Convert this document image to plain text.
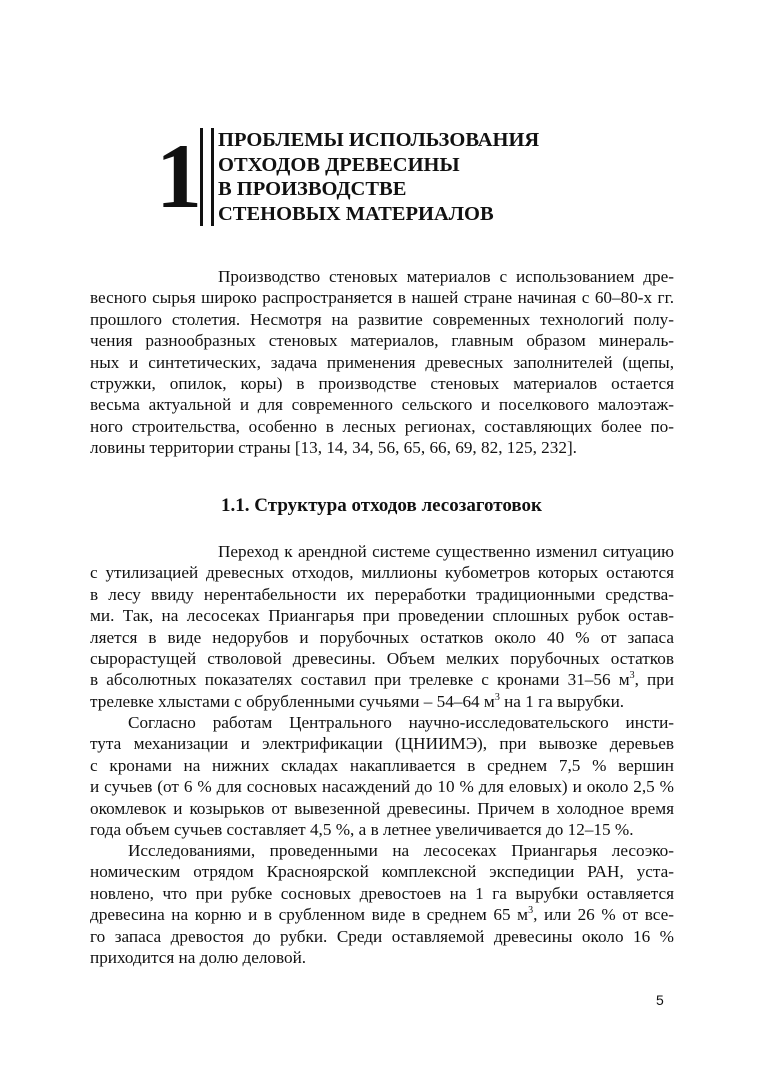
1 ПРОБЛЕМЫ ИСПОЛЬЗОВАНИЯ
ОТХОДОВ ДРЕВЕСИНЫ
В ПРОИЗВОДСТВЕ
СТЕНОВЫХ МАТЕРИАЛОВ
Производство стеновых материалов с использованием дре-
весного сырья широко распространяется в нашей стране начиная с 60–80-х гг.
прошлого столетия. Несмотря на развитие современных технологий полу-
чения разнообразных стеновых материалов, главным образом минераль-
ных и синтетических, задача применения древесных заполнителей (щепы,
стружки, опилок, коры) в производстве стеновых материалов остается
весьма актуальной и для современного сельского и поселкового малоэтаж-
ного строительства, особенно в лесных регионах, составляющих более по-
ловины территории страны [13, 14, 34, 56, 65, 66, 69, 82, 125, 232].
1.1. Структура отходов лесозаготовок
Переход к арендной системе существенно изменил ситуацию
с утилизацией древесных отходов, миллионы кубометров которых остаются
в лесу ввиду нерентабельности их переработки традиционными средства-
ми. Так, на лесосеках Приангарья при проведении сплошных рубок остав-
ляется в виде недорубов и порубочных остатков около 40 % от запаса
сырорастущей стволовой древесины. Объем мелких порубочных остатков
в абсолютных показателях составил при трелевке с кронами 31–56 $м^3$, при
трелевке хлыстами с обрубленными сучьями – 54–64 $м^3$ на 1 га вырубки.
Согласно работам Центрального научно-исследовательского инсти-
тута механизации и электрификации (ЦНИИМЭ), при вывозке деревьев
с кронами на нижних складах накапливается в среднем 7,5 % вершин
и сучьев (от 6 % для сосновых насаждений до 10 % для еловых) и около 2,5 %
окомлевок и козырьков от вывезенной древесины. Причем в холодное время
года объем сучьев составляет 4,5 %, а в летнее увеличивается до 12–15 %.
Исследованиями, проведенными на лесосеках Приангарья лесоэко-
номическим отрядом Красноярской комплексной экспедиции РАН, уста-
новлено, что при рубке сосновых древостоев на 1 га вырубки оставляется
древесина на корню и в срубленном виде в среднем 65 $м^3$, или 26 % от все-
го запаса древостоя до рубки. Среди оставляемой древесины около 16 %
приходится на долю деловой.
5
